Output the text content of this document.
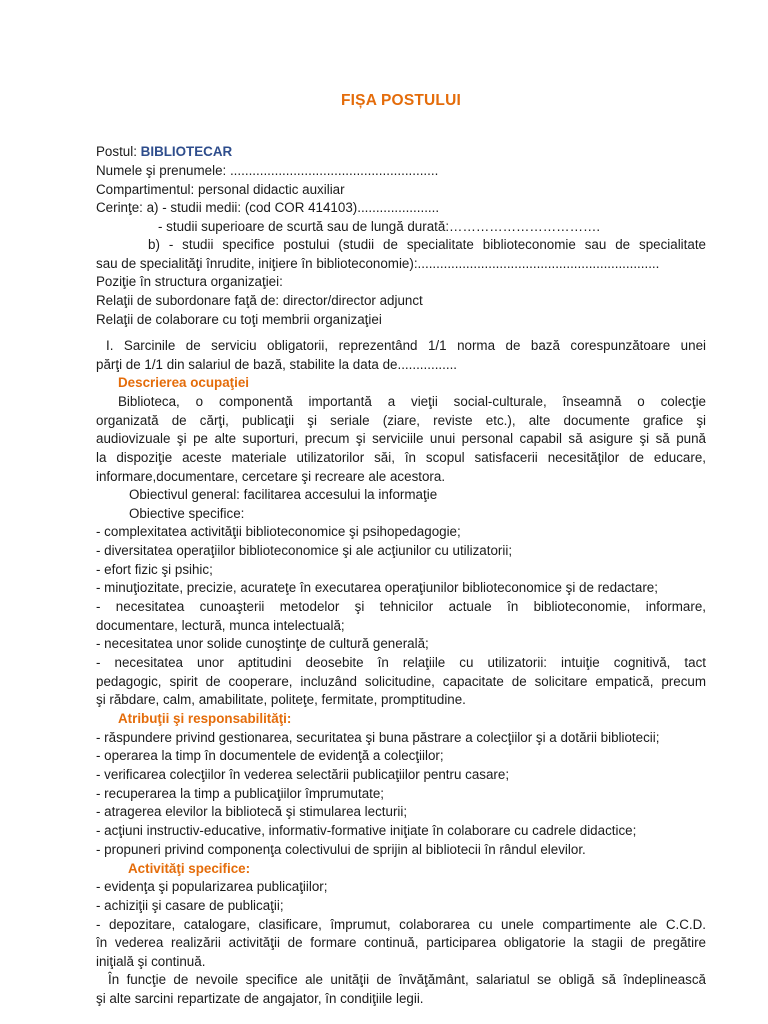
FIȘA POSTULUI
Postul: BIBLIOTECAR
Numele şi prenumele: ........................................................
Compartimentul: personal didactic auxiliar
Cerinţe: a) - studii medii: (cod COR 414103)......................
- studii superioare de scurtă sau de lungă durată:…………………………….
b) - studii specifice postului (studii de specialitate biblioteconomie sau de specialitate
sau de specialităţi înrudite, iniţiere în biblioteconomie):.................................................................
Poziţie în structura organizaţiei:
Relaţii de subordonare faţă de: director/director adjunct
Relaţii de colaborare cu toţi membrii organizaţiei
I. Sarcinile de serviciu obligatorii, reprezentând 1/1 norma de bază corespunzătoare unei
părţi de 1/1 din salariul de bază, stabilite la data de................
Descrierea ocupaţiei
Biblioteca, o componentă importantă a vieţii social-culturale, înseamnă o colecţie
organizată de cărţi, publicaţii şi seriale (ziare, reviste etc.), alte documente grafice şi
audiovizuale şi pe alte suporturi, precum şi serviciile unui personal capabil să asigure şi să pună
la dispoziţie aceste materiale utilizatorilor săi, în scopul satisfacerii necesităţilor de educare,
informare,documentare, cercetare şi recreare ale acestora.
Obiectivul general: facilitarea accesului la informaţie
Obiective specifice:
- complexitatea activităţii biblioteconomice şi psihopedagogie;
- diversitatea operaţiilor biblioteconomice şi ale acţiunilor cu utilizatorii;
- efort fizic şi psihic;
- minuţiozitate, precizie, acurateţe în executarea operaţiunilor biblioteconomice şi de redactare;
- necesitatea cunoaşterii metodelor şi tehnicilor actuale în biblioteconomie, informare,
documentare, lectură, munca intelectuală;
- necesitatea unor solide cunoştinţe de cultură generală;
- necesitatea unor aptitudini deosebite în relaţiile cu utilizatorii: intuiţie cognitivă, tact
pedagogic, spirit de cooperare, incluzând solicitudine, capacitate de solicitare empatică, precum
şi răbdare, calm, amabilitate, politeţe, fermitate, promptitudine.
Atribuţii şi responsabilităţi:
- răspundere privind gestionarea, securitatea şi buna păstrare a colecţiilor şi a dotării bibliotecii;
- operarea la timp în documentele de evidenţă a colecţiilor;
- verificarea colecţiilor în vederea selectării publicaţiilor pentru casare;
- recuperarea la timp a publicaţiilor împrumutate;
- atragerea elevilor la bibliotecă şi stimularea lecturii;
- acţiuni instructiv-educative, informativ-formative iniţiate în colaborare cu cadrele didactice;
- propuneri privind componenţa colectivului de sprijin al bibliotecii în rândul elevilor.
Activităţi specifice:
- evidenţa şi popularizarea publicaţiilor;
- achiziţii şi casare de publicaţii;
- depozitare, catalogare, clasificare, împrumut, colaborarea cu unele compartimente ale C.C.D.
în vederea realizării activităţii de formare continuă, participarea obligatorie la stagii de pregătire
iniţială şi continuă.
În funcţie de nevoile specifice ale unităţii de învăţământ, salariatul se obligă să îndeplinească
şi alte sarcini repartizate de angajator, în condiţiile legii.
